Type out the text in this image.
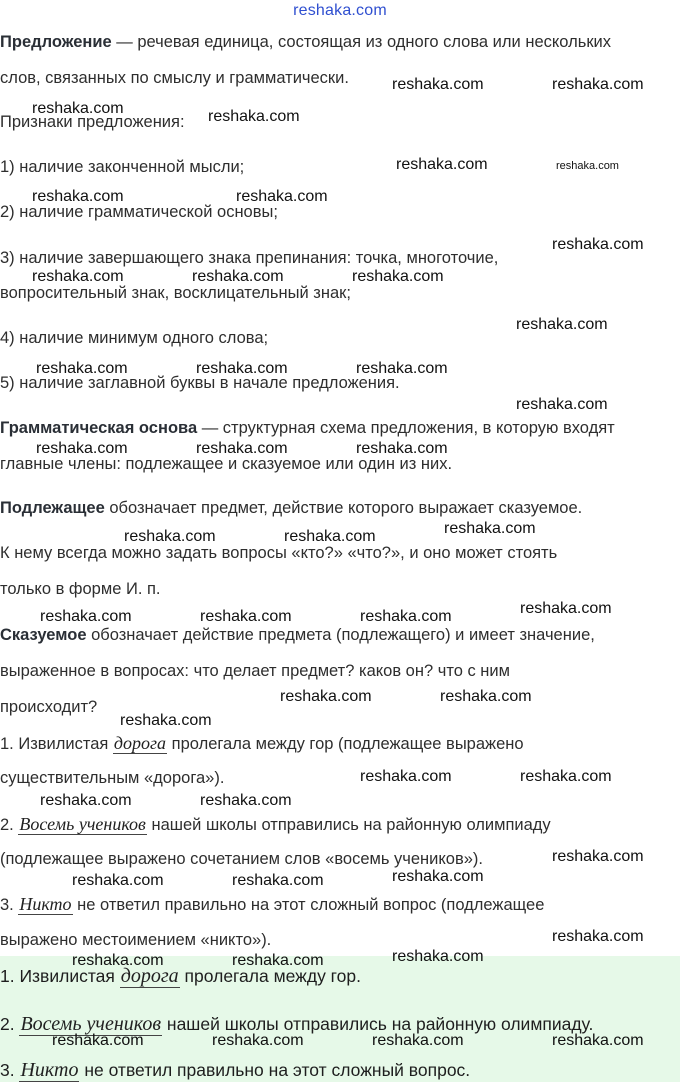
reshaka.com
Предложение — речевая единица, состоящая из одного слова или нескольких
слов, связанных по смыслу и грамматически.
Признаки предложения:
1) наличие законченной мысли;
2) наличие грамматической основы;
3) наличие завершающего знака препинания: точка, многоточие,
вопросительный знак, восклицательный знак;
4) наличие минимум одного слова;
5) наличие заглавной буквы в начале предложения.
Грамматическая основа — структурная схема предложения, в которую входят
главные члены: подлежащее и сказуемое или один из них.
Подлежащее обозначает предмет, действие которого выражает сказуемое.
К нему всегда можно задать вопросы «кто?» «что?», и оно может стоять
только в форме И. п.
Сказуемое обозначает действие предмета (подлежащего) и имеет значение,
выраженное в вопросах: что делает предмет? каков он? что с ним
происходит?
1. Извилистая дорога пролегала между гор (подлежащее выражено
существительным «дорога»).
2. Восемь учеников нашей школы отправились на районную олимпиаду
(подлежащее выражено сочетанием слов «восемь учеников»).
3. Никто не ответил правильно на этот сложный вопрос (подлежащее
выражено местоимением «никто»).
1. Извилистая дорога пролегала между гор.
2. Восемь учеников нашей школы отправились на районную олимпиаду.
3. Никто не ответил правильно на этот сложный вопрос.
reshaka.com	reshaka.com
reshaka.com	reshaka.com
reshaka.com	reshaka.com
reshaka.com	reshaka.com
reshaka.com
reshaka.com	reshaka.com	reshaka.com
reshaka.com
reshaka.com	reshaka.com	reshaka.com
reshaka.com
reshaka.com	reshaka.com	reshaka.com
reshaka.com	reshaka.com	reshaka.com
reshaka.com	reshaka.com	reshaka.com	reshaka.com
reshaka.com	reshaka.com
reshaka.com
reshaka.com	reshaka.com
reshaka.com	reshaka.com
reshaka.com
reshaka.com	reshaka.com	reshaka.com
reshaka.com
reshaka.com
reshaka.com	reshaka.com
reshaka.com	reshaka.com	reshaka.com	reshaka.com
